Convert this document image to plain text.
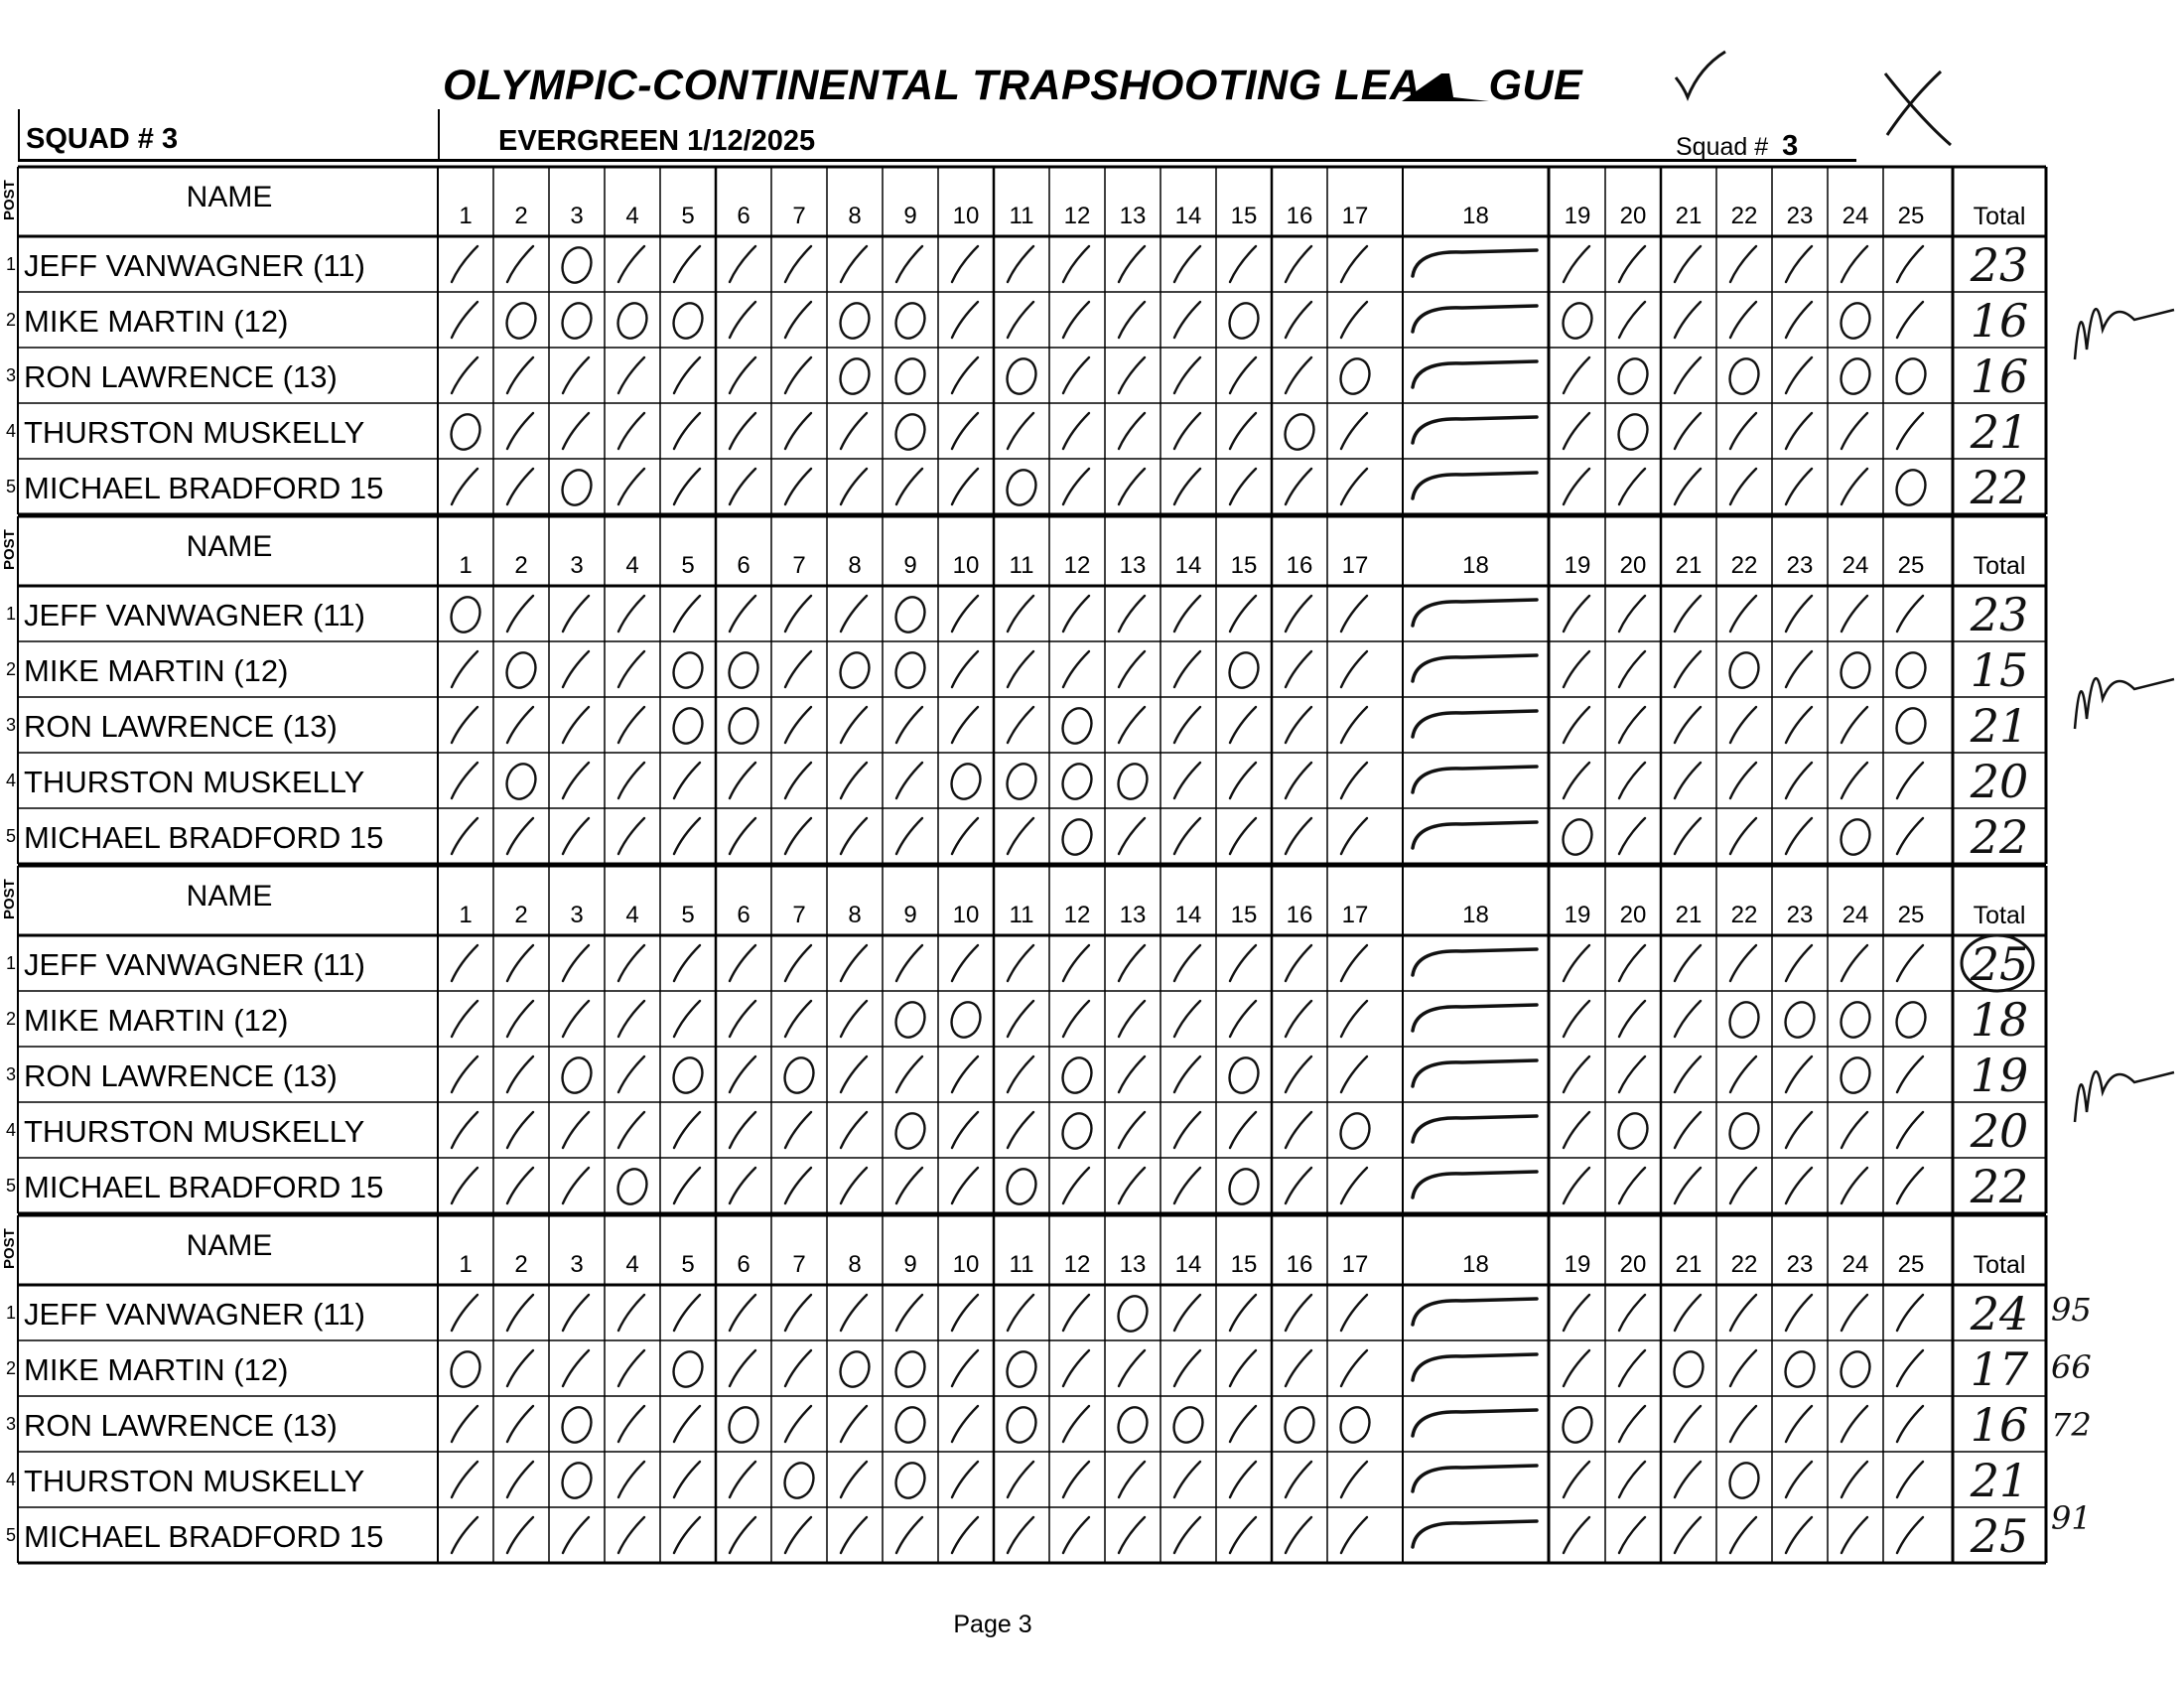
OLYMPIC-CONTINENTAL TRAPSHOOTING LEA GUE
SQUAD # 3	EVERGREEN 1/12/2025	Squad # 3
POST	NAME
1	2	3	4	5	6	7	8	9	10	11	12	13	14	15	16	17	18	19	20	21	22	23	24	25	Total
1 JEFF VANWAGNER (11)	23
2 MIKE MARTIN (12)	16
3 RON LAWRENCE (13)	16
4 THURSTON MUSKELLY	21
5 MICHAEL BRADFORD 15	22
POST	NAME
1	2	3	4	5	6	7	8	9	10	11	12	13	14	15	16	17	18	19	20	21	22	23	24	25	Total
1 JEFF VANWAGNER (11)	23
2 MIKE MARTIN (12)	15
3 RON LAWRENCE (13)	21
4 THURSTON MUSKELLY	20
5 MICHAEL BRADFORD 15	22
POST	NAME
1	2	3	4	5	6	7	8	9	10	11	12	13	14	15	16	17	18	19	20	21	22	23	24	25	Total
1 JEFF VANWAGNER (11)	25
2 MIKE MARTIN (12)	18
3 RON LAWRENCE (13)	19
4 THURSTON MUSKELLY	20
5 MICHAEL BRADFORD 15	22
POST	NAME
1	2	3	4	5	6	7	8	9	10	11	12	13	14	15	16	17	18	19	20	21	22	23	24	25	Total
1 JEFF VANWAGNER (11)	24
2 MIKE MARTIN (12)	17
3 RON LAWRENCE (13)	16
4 THURSTON MUSKELLY	21
5 MICHAEL BRADFORD 15	25
95
66
72
91
Page 3
